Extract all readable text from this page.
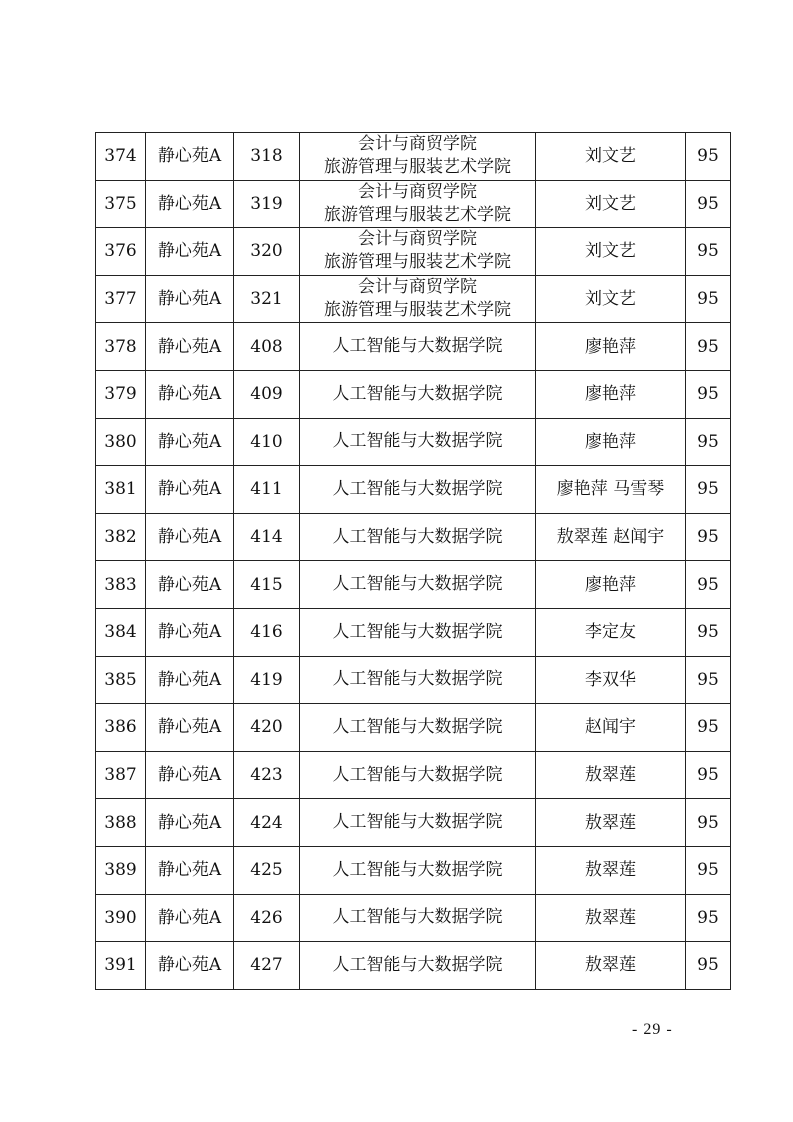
374	静心苑A	318	会计与商贸学院
旅游管理与服装艺术学院	刘文艺	95
375	静心苑A	319	会计与商贸学院
旅游管理与服装艺术学院	刘文艺	95
376	静心苑A	320	会计与商贸学院
旅游管理与服装艺术学院	刘文艺	95
377	静心苑A	321	会计与商贸学院
旅游管理与服装艺术学院	刘文艺	95
378	静心苑A	408	人工智能与大数据学院	廖艳萍	95
379	静心苑A	409	人工智能与大数据学院	廖艳萍	95
380	静心苑A	410	人工智能与大数据学院	廖艳萍	95
381	静心苑A	411	人工智能与大数据学院	廖艳萍 马雪琴	95
382	静心苑A	414	人工智能与大数据学院	敖翠莲 赵闻宇	95
383	静心苑A	415	人工智能与大数据学院	廖艳萍	95
384	静心苑A	416	人工智能与大数据学院	李定友	95
385	静心苑A	419	人工智能与大数据学院	李双华	95
386	静心苑A	420	人工智能与大数据学院	赵闻宇	95
387	静心苑A	423	人工智能与大数据学院	敖翠莲	95
388	静心苑A	424	人工智能与大数据学院	敖翠莲	95
389	静心苑A	425	人工智能与大数据学院	敖翠莲	95
390	静心苑A	426	人工智能与大数据学院	敖翠莲	95
391	静心苑A	427	人工智能与大数据学院	敖翠莲	95
- 29 -
